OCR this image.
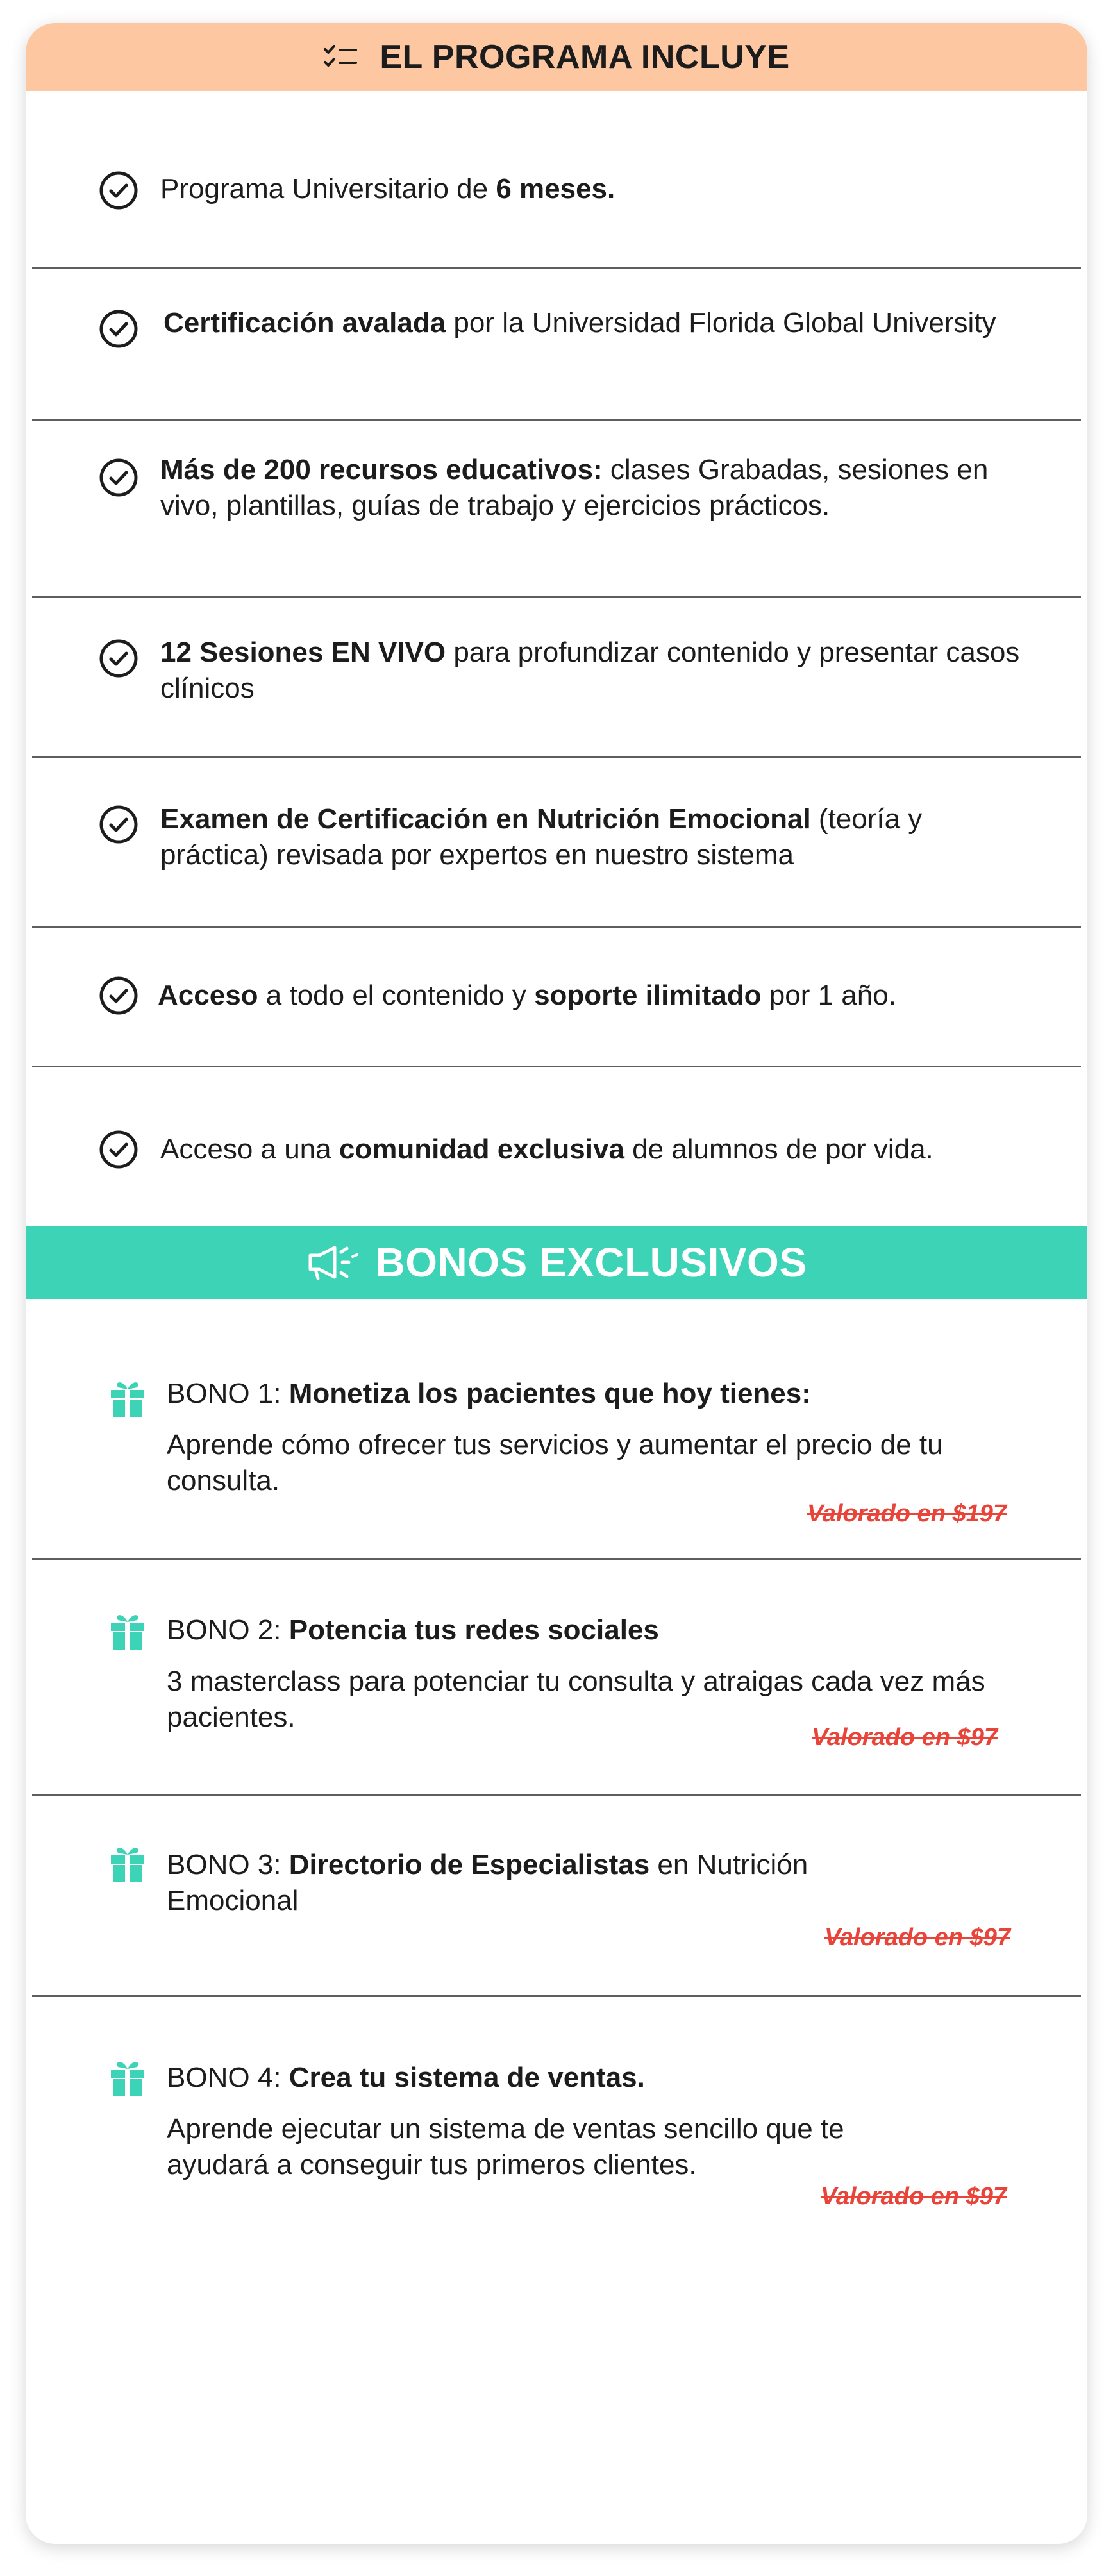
EL PROGRAMA INCLUYE
Programa Universitario de 6 meses.
Certificación avalada por la Universidad Florida Global University
Más de 200 recursos educativos: clases Grabadas, sesiones en vivo, plantillas, guías de trabajo y ejercicios prácticos.
12 Sesiones EN VIVO para profundizar contenido y presentar casos clínicos
Examen de Certificación en Nutrición Emocional (teoría y práctica) revisada por expertos en nuestro sistema
Acceso a todo el contenido y soporte ilimitado por 1 año.
Acceso a una comunidad exclusiva de alumnos de por vida.
BONOS EXCLUSIVOS
BONO 1: Monetiza los pacientes que hoy tienes:
Aprende cómo ofrecer tus servicios y aumentar el precio de tu consulta.
Valorado en $197
BONO 2: Potencia tus redes sociales
3 masterclass para potenciar tu consulta y atraigas cada vez más pacientes.
Valorado en $97
BONO 3: Directorio de Especialistas en Nutrición Emocional
Valorado en $97
BONO 4: Crea tu sistema de ventas.
Aprende ejecutar un sistema de ventas sencillo que te ayudará a conseguir tus primeros clientes.
Valorado en $97
